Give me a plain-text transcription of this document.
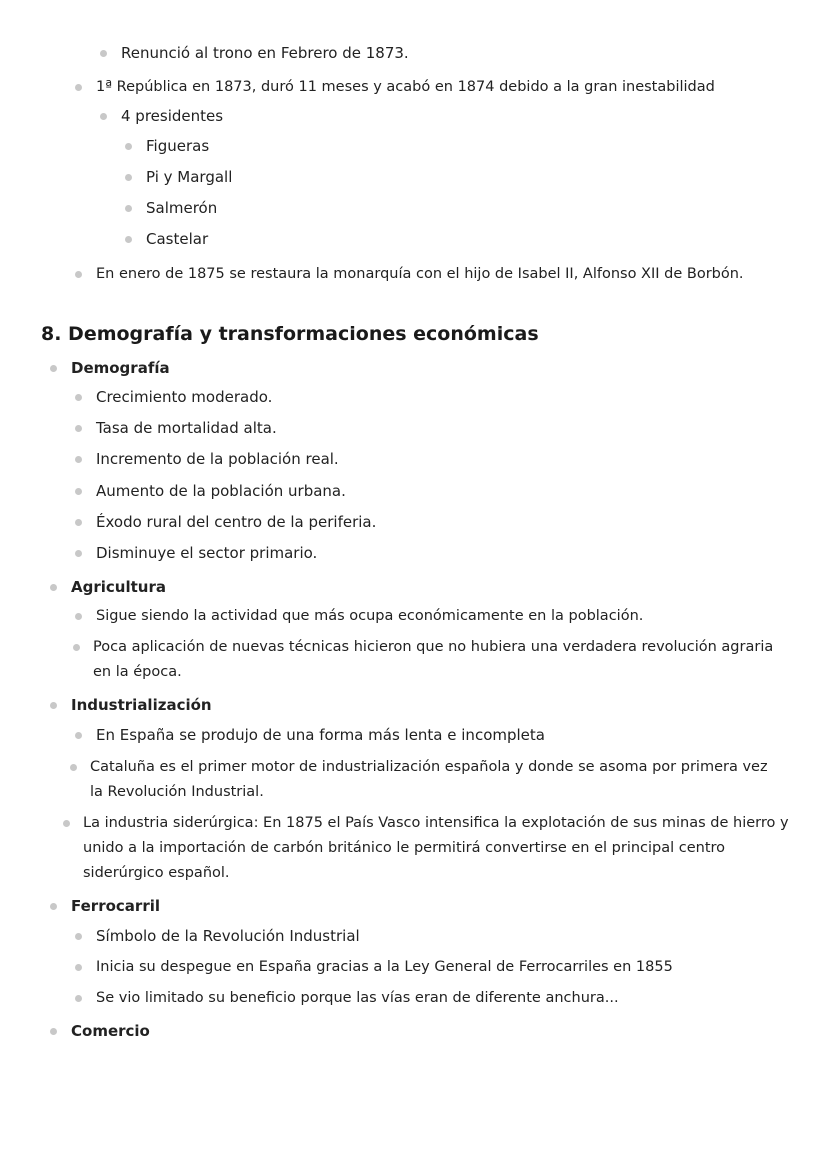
Renunció al trono en Febrero de 1873.
1ª República en 1873, duró 11 meses y acabó en 1874 debido a la gran inestabilidad
4 presidentes
Figueras
Pi y Margall
Salmerón
Castelar
En enero de 1875 se restaura la monarquía con el hijo de Isabel II, Alfonso XII de Borbón.
8. Demografía y transformaciones económicas
Demografía
Crecimiento moderado.
Tasa de mortalidad alta.
Incremento de la población real.
Aumento de la población urbana.
Éxodo rural del centro de la periferia.
Disminuye el sector primario.
Agricultura
Sigue siendo la actividad que más ocupa económicamente en la población.
Poca aplicación de nuevas técnicas hicieron que no hubiera una verdadera revolución agraria en la época.
Industrialización
En España se produjo de una forma más lenta e incompleta
Cataluña es el primer motor de industrialización española y donde se asoma por primera vez la Revolución Industrial.
La industria siderúrgica: En 1875 el País Vasco intensifica la explotación de sus minas de hierro y unido a la importación de carbón británico le permitirá convertirse en el principal centro siderúrgico español.
Ferrocarril
Símbolo de la Revolución Industrial
Inicia su despegue en España gracias a la Ley General de Ferrocarriles en 1855
Se vio limitado su beneficio porque las vías eran de diferente anchura...
Comercio
